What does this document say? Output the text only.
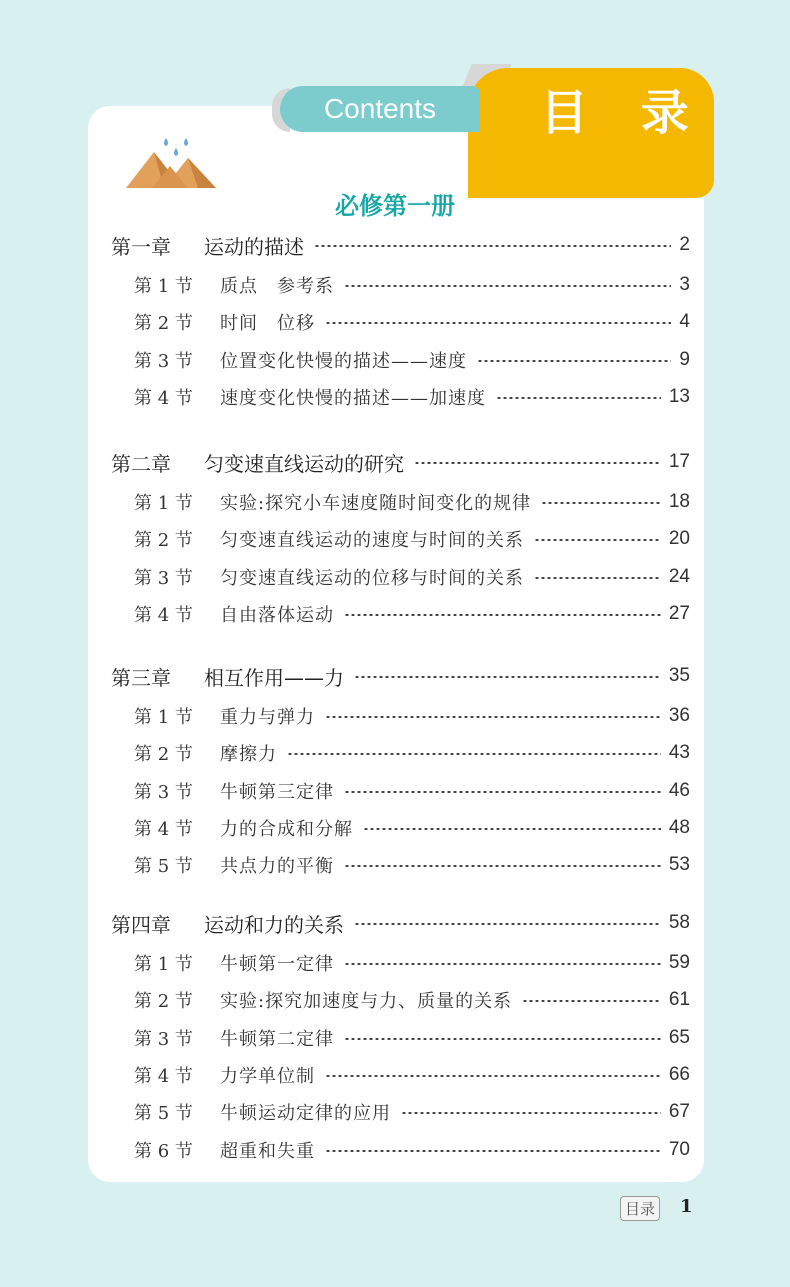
Contents	目 录
必修第一册
第一章 运动的描述	2
第 1 节 质点　参考系	3
第 2 节 时间　位移	4
第 3 节 位置变化快慢的描述——速度	9
第 4 节 速度变化快慢的描述——加速度	13
第二章 匀变速直线运动的研究	17
第 1 节 实验:探究小车速度随时间变化的规律	18
第 2 节 匀变速直线运动的速度与时间的关系	20
第 3 节 匀变速直线运动的位移与时间的关系	24
第 4 节 自由落体运动	27
第三章 相互作用——力	35
第 1 节 重力与弹力	36
第 2 节 摩擦力	43
第 3 节 牛顿第三定律	46
第 4 节 力的合成和分解	48
第 5 节 共点力的平衡	53
第四章 运动和力的关系	58
第 1 节 牛顿第一定律	59
第 2 节 实验:探究加速度与力、质量的关系	61
第 3 节 牛顿第二定律	65
第 4 节 力学单位制	66
第 5 节 牛顿运动定律的应用	67
第 6 节 超重和失重	70
目录 1
